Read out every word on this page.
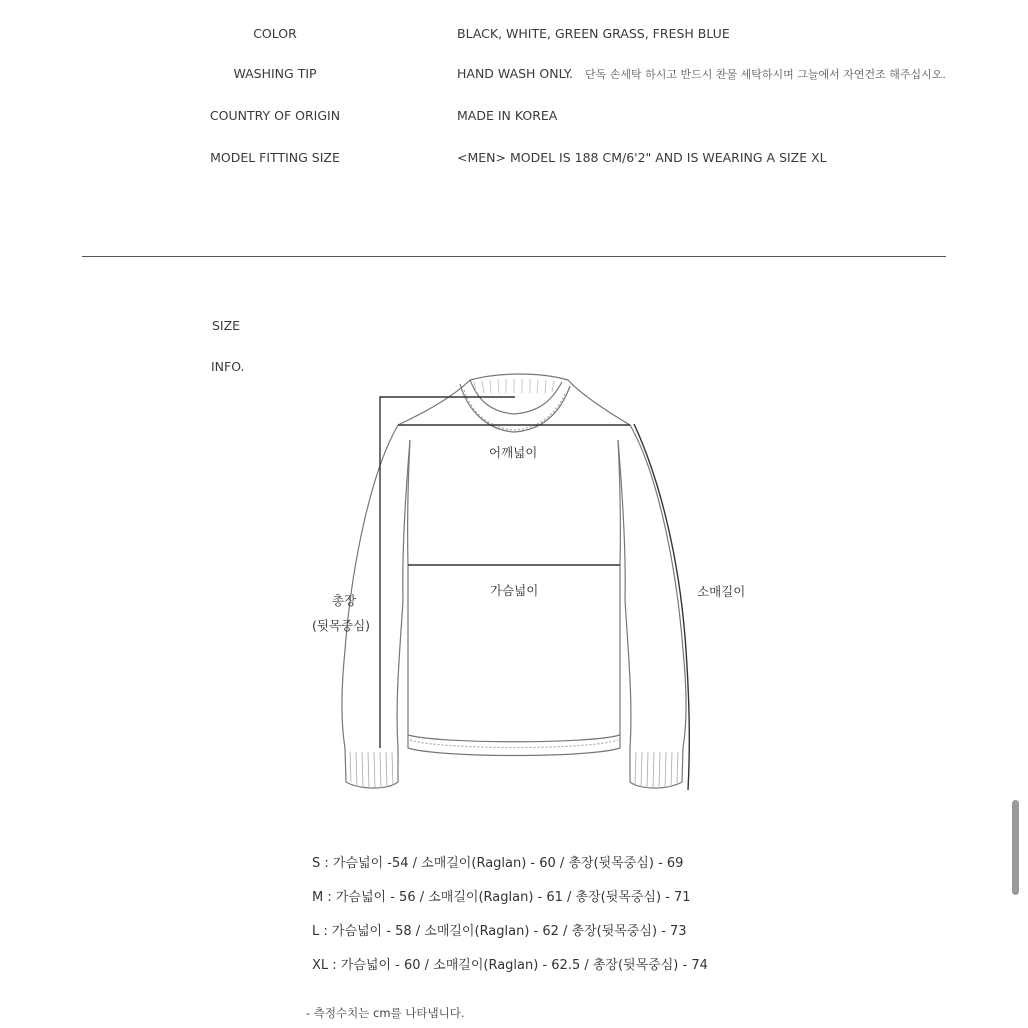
COLOR	BLACK, WHITE, GREEN GRASS, FRESH BLUE
WASHING TIP	HAND WASH ONLY. 단독 손세탁 하시고 반드시 찬물 세탁하시며 그늘에서 자연건조 해주십시오.
COUNTRY OF ORIGIN	MADE IN KOREA
MODEL FITTING SIZE	<MEN> MODEL IS 188 CM/6'2" AND IS WEARING A SIZE XL
SIZE
INFO.
어깨넓이
가슴넓이	소매길이
총장
(뒷목중심)
S : 가슴넓이 -54 / 소매길이(Raglan) - 60 / 총장(뒷목중심) - 69
M : 가슴넓이 - 56 / 소매길이(Raglan) - 61 / 총장(뒷목중심) - 71
L : 가슴넓이 - 58 / 소매길이(Raglan) - 62 / 총장(뒷목중심) - 73
XL : 가슴넓이 - 60 / 소매길이(Raglan) - 62.5 / 총장(뒷목중심) - 74
- 측정수치는 cm를 나타냅니다.
